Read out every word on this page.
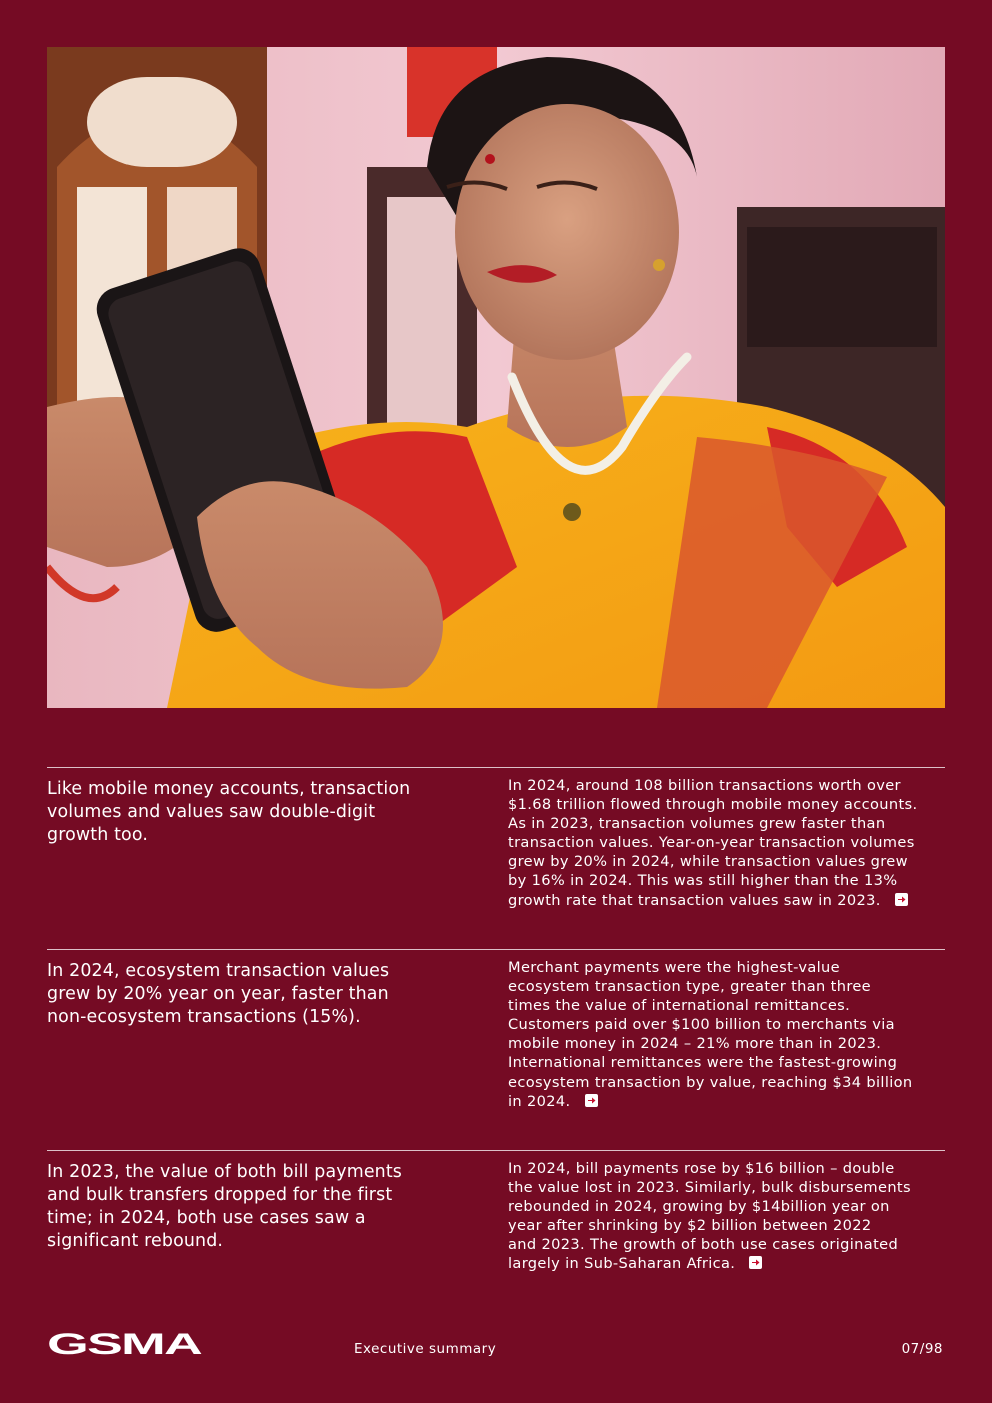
Like mobile money accounts, transaction
volumes and values saw double-digit
growth too.
In 2024, around 108 billion transactions worth over
$1.68 trillion flowed through mobile money accounts.
As in 2023, transaction volumes grew faster than
transaction values. Year-on-year transaction volumes
grew by 20% in 2024, while transaction values grew
by 16% in 2024. This was still higher than the 13%
growth rate that transaction values saw in 2023.
In 2024, ecosystem transaction values
grew by 20% year on year, faster than
non-ecosystem transactions (15%).
Merchant payments were the highest-value
ecosystem transaction type, greater than three
times the value of international remittances.
Customers paid over $100 billion to merchants via
mobile money in 2024 – 21% more than in 2023.
International remittances were the fastest-growing
ecosystem transaction by value, reaching $34 billion
in 2024.
In 2023, the value of both bill payments
and bulk transfers dropped for the first
time; in 2024, both use cases saw a
significant rebound.
In 2024, bill payments rose by $16 billion – double
the value lost in 2023. Similarly, bulk disbursements
rebounded in 2024, growing by $14billion year on
year after shrinking by $2 billion between 2022
and 2023. The growth of both use cases originated
largely in Sub-Saharan Africa.
GSMA	Executive summary	07/98
